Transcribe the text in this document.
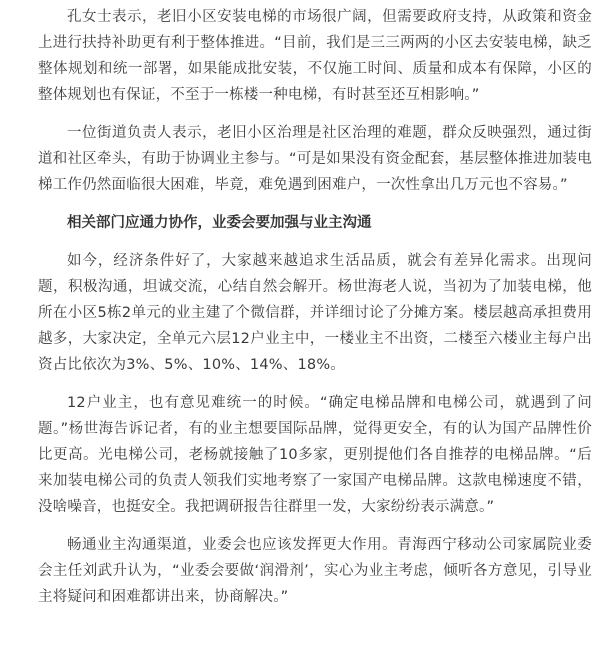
孔女士表示，老旧小区安装电梯的市场很广阔，但需要政府支持，从政策和资金上进行扶持补助更有利于整体推进。“目前，我们是三三两两的小区去安装电梯，缺乏整体规划和统一部署，如果能成批安装，不仅施工时间、质量和成本有保障，小区的整体规划也有保证，不至于一栋楼一种电梯，有时甚至还互相影响。”

一位街道负责人表示，老旧小区治理是社区治理的难题，群众反映强烈，通过街道和社区牵头，有助于协调业主参与。“可是如果没有资金配套，基层整体推进加装电梯工作仍然面临很大困难，毕竟，难免遇到困难户，一次性拿出几万元也不容易。”

相关部门应通力协作，业委会要加强与业主沟通

如今，经济条件好了，大家越来越追求生活品质，就会有差异化需求。出现问题，积极沟通，坦诚交流，心结自然会解开。杨世海老人说，当初为了加装电梯，他所在小区5栋2单元的业主建了个微信群，并详细讨论了分摊方案。楼层越高承担费用越多，大家决定，全单元六层12户业主中，一楼业主不出资，二楼至六楼业主每户出资占比依次为3%、5%、10%、14%、18%。

12户业主，也有意见难统一的时候。“确定电梯品牌和电梯公司，就遇到了问题。”杨世海告诉记者，有的业主想要国际品牌，觉得更安全，有的认为国产品牌性价比更高。光电梯公司，老杨就接触了10多家，更别提他们各自推荐的电梯品牌。“后来加装电梯公司的负责人领我们实地考察了一家国产电梯品牌。这款电梯速度不错，没啥噪音，也挺安全。我把调研报告往群里一发，大家纷纷表示满意。”

畅通业主沟通渠道，业委会也应该发挥更大作用。青海西宁移动公司家属院业委会主任刘武升认为，“业委会要做‘润滑剂’，实心为业主考虑，倾听各方意见，引导业主将疑问和困难都讲出来，协商解决。”
